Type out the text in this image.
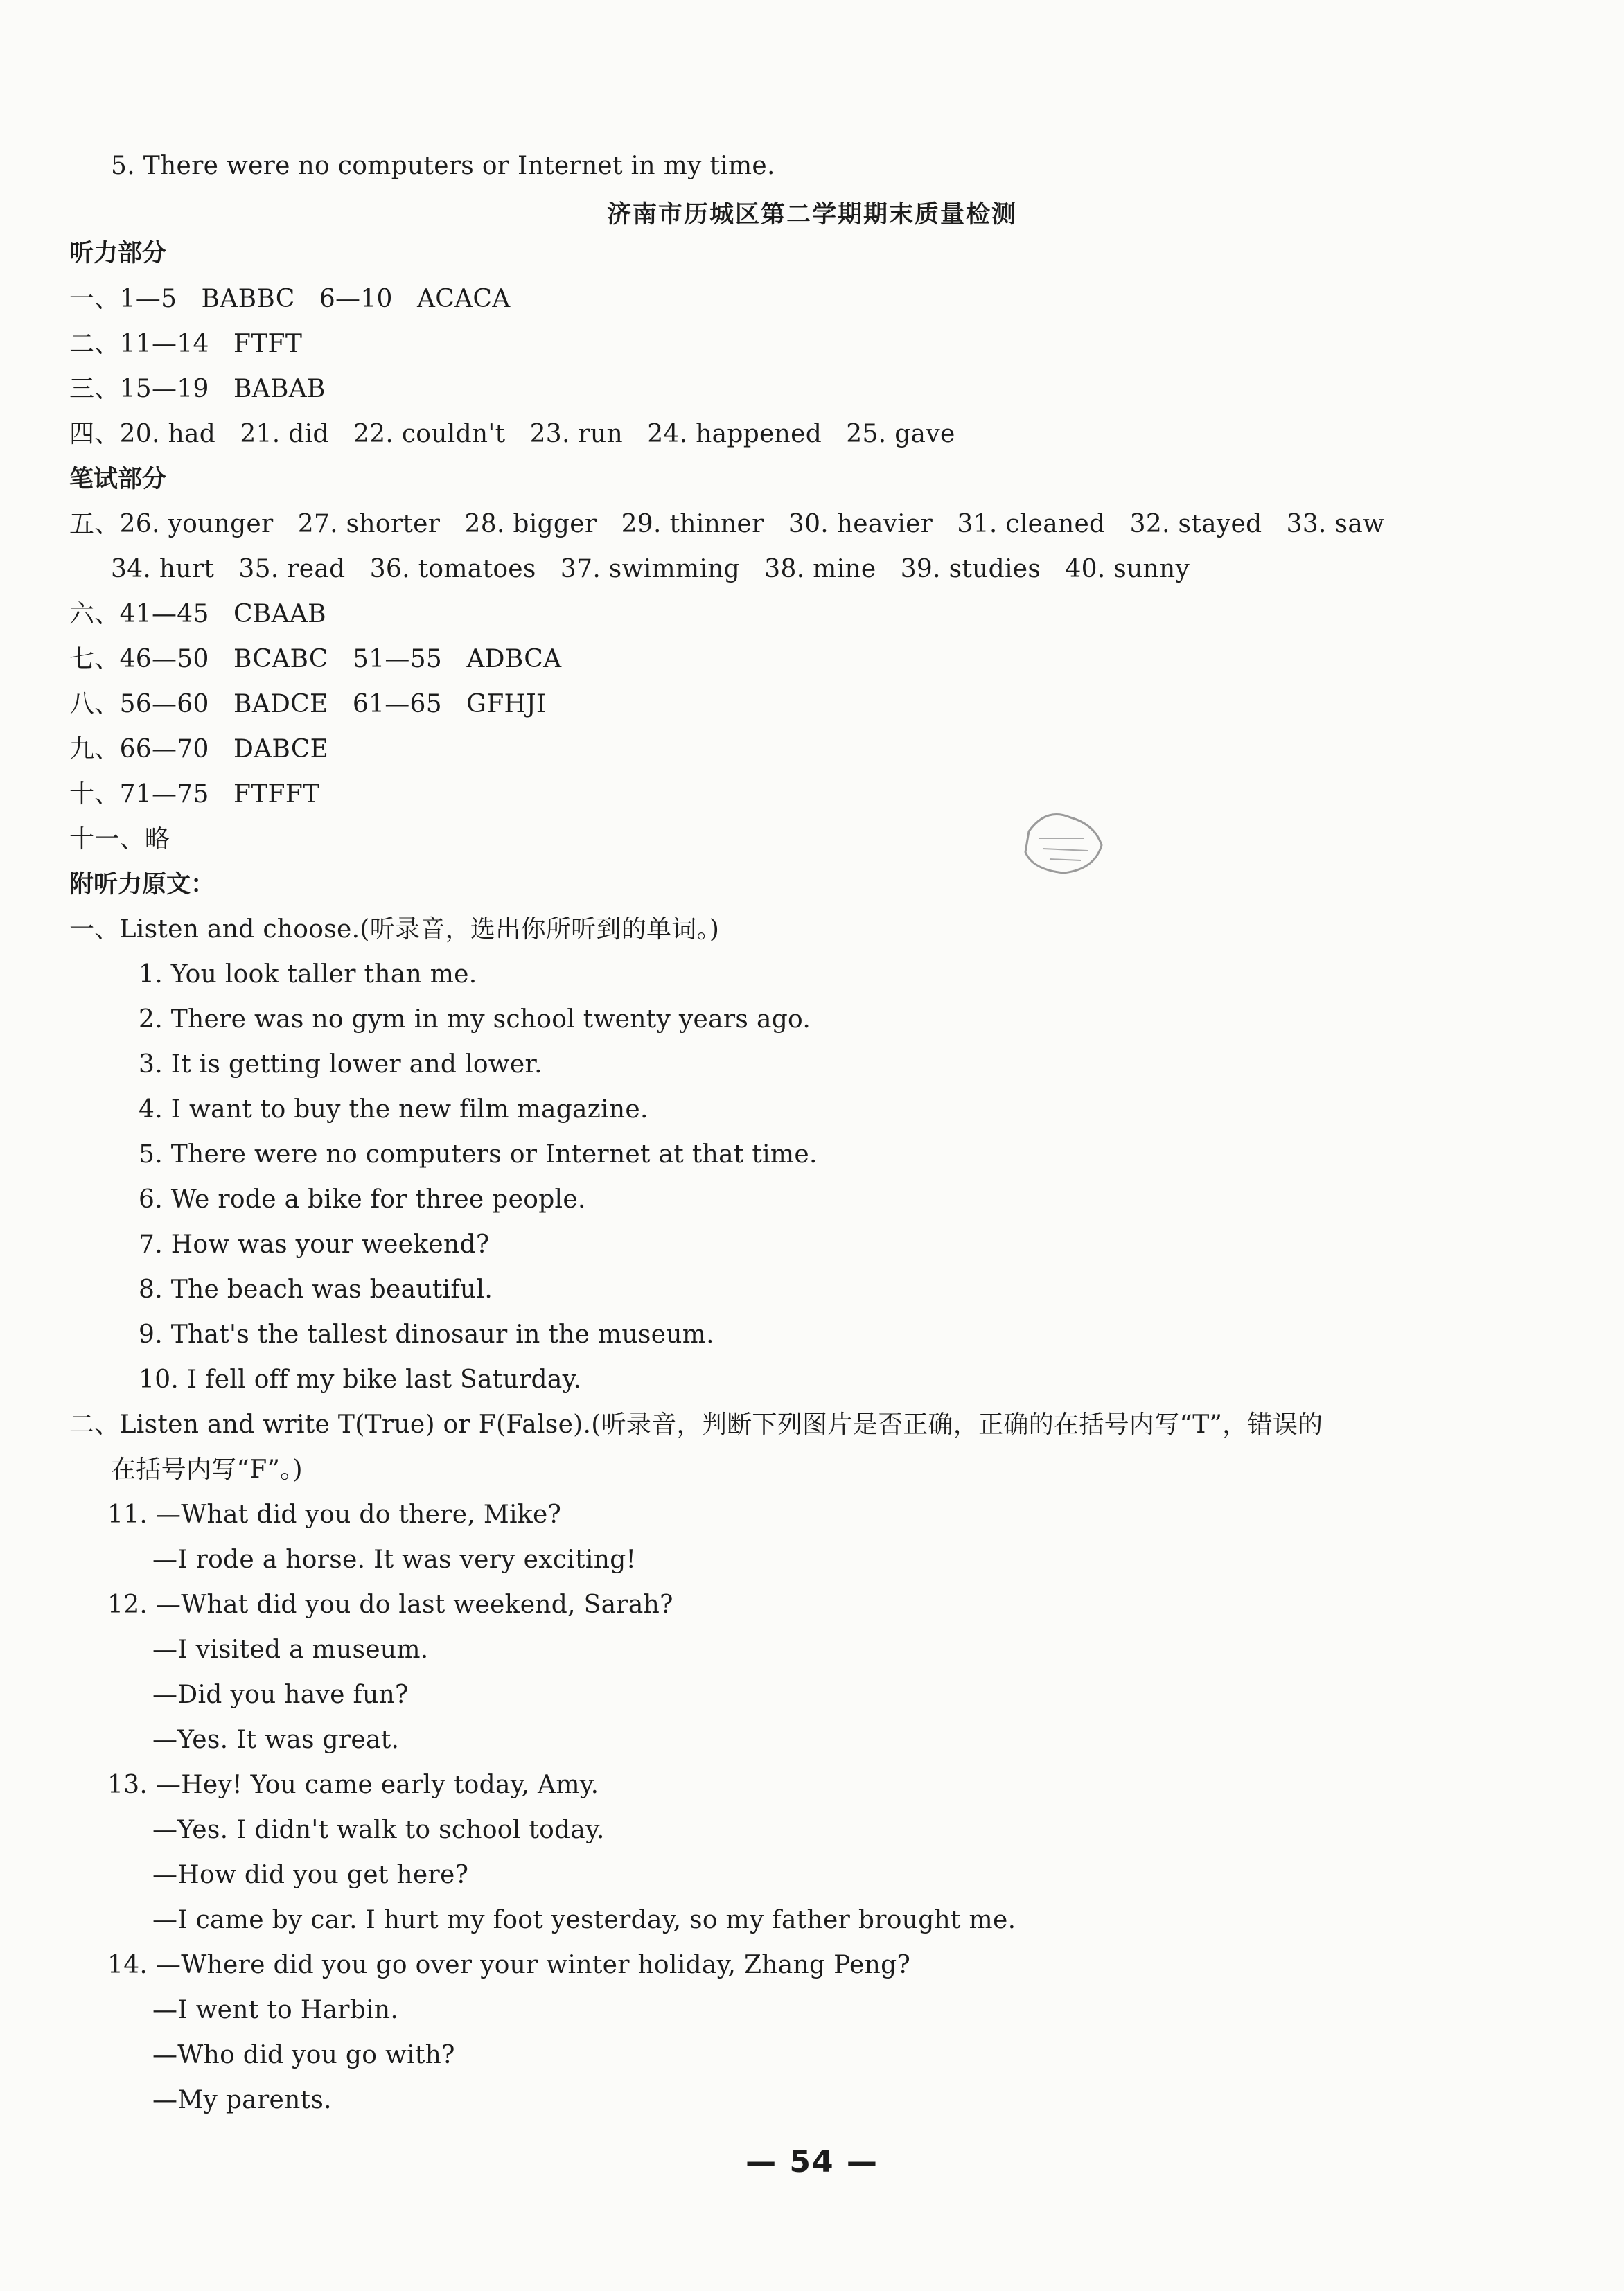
5. There were no computers or Internet in my time.
济南市历城区第二学期期末质量检测
听力部分
一、1—5   BABBC   6—10   ACACA
二、11—14   FTFT
三、15—19   BABAB
四、20. had   21. did   22. couldn't   23. run   24. happened   25. gave
笔试部分
五、26. younger   27. shorter   28. bigger   29. thinner   30. heavier   31. cleaned   32. stayed   33. saw
34. hurt   35. read   36. tomatoes   37. swimming   38. mine   39. studies   40. sunny
六、41—45   CBAAB
七、46—50   BCABC   51—55   ADBCA
八、56—60   BADCE   61—65   GFHJI
九、66—70   DABCE
十、71—75   FTFFT
十一、略
附听力原文：
一、Listen and choose.(听录音，选出你所听到的单词。)
1. You look taller than me.
2. There was no gym in my school twenty years ago.
3. It is getting lower and lower.
4. I want to buy the new film magazine.
5. There were no computers or Internet at that time.
6. We rode a bike for three people.
7. How was your weekend?
8. The beach was beautiful.
9. That's the tallest dinosaur in the museum.
10. I fell off my bike last Saturday.
二、Listen and write T(True) or F(False).(听录音，判断下列图片是否正确，正确的在括号内写“T”，错误的
在括号内写“F”。)
11. —What did you do there, Mike?
—I rode a horse. It was very exciting!
12. —What did you do last weekend, Sarah?
—I visited a museum.
—Did you have fun?
—Yes. It was great.
13. —Hey! You came early today, Amy.
—Yes. I didn't walk to school today.
—How did you get here?
—I came by car. I hurt my foot yesterday, so my father brought me.
14. —Where did you go over your winter holiday, Zhang Peng?
—I went to Harbin.
—Who did you go with?
—My parents.
— 54 —
